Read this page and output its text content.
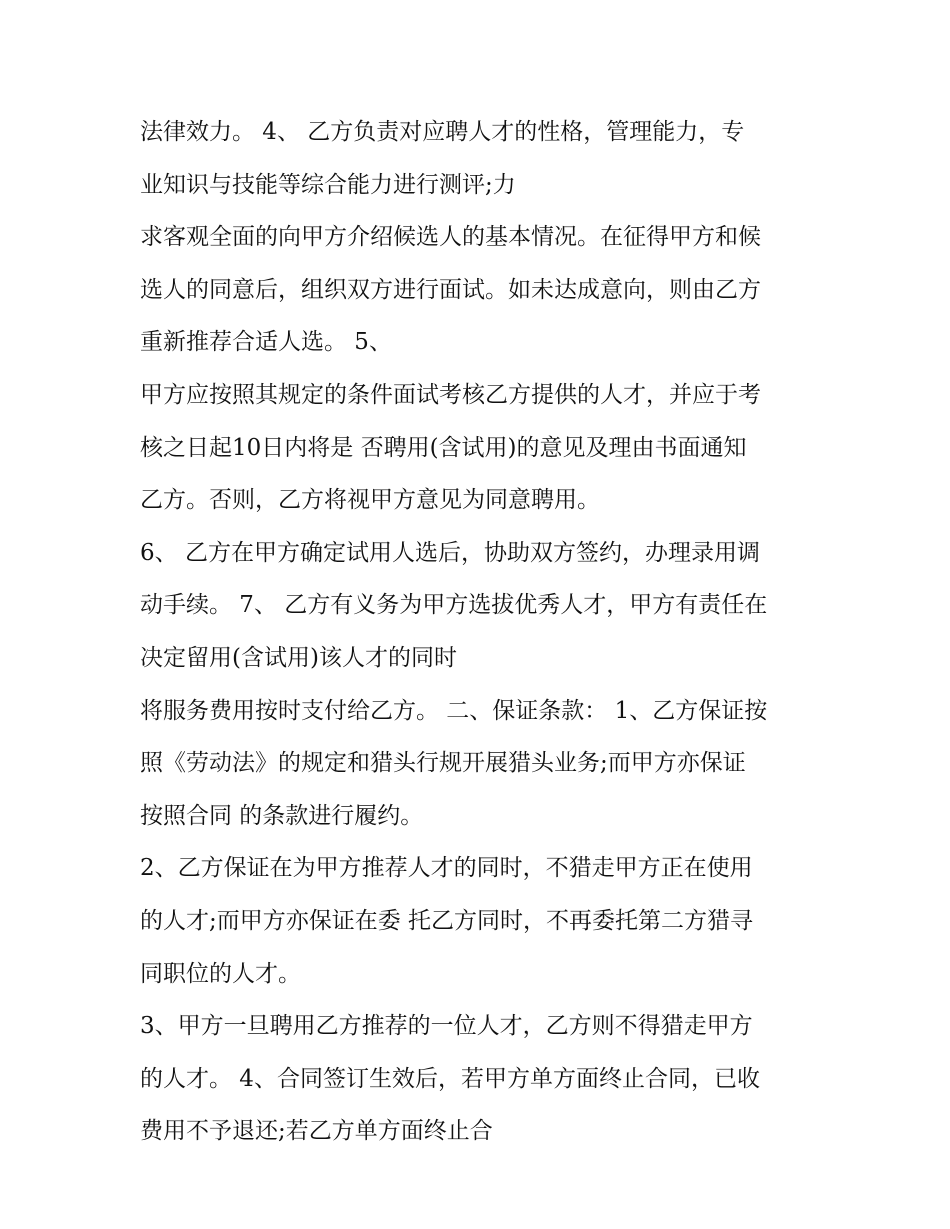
法律效力。 4、 乙方负责对应聘人才的性格，管理能力，专
业知识与技能等综合能力进行测评;力
求客观全面的向甲方介绍候选人的基本情况。在征得甲方和候
选人的同意后，组织双方进行面试。如未达成意向，则由乙方
重新推荐合适人选。 5、
甲方应按照其规定的条件面试考核乙方提供的人才，并应于考
核之日起10日内将是 否聘用(含试用)的意见及理由书面通知
乙方。否则，乙方将视甲方意见为同意聘用。
6、 乙方在甲方确定试用人选后，协助双方签约，办理录用调
动手续。 7、 乙方有义务为甲方选拔优秀人才，甲方有责任在
决定留用(含试用)该人才的同时
将服务费用按时支付给乙方。 二、保证条款： 1、乙方保证按
照《劳动法》的规定和猎头行规开展猎头业务;而甲方亦保证
按照合同 的条款进行履约。
2、乙方保证在为甲方推荐人才的同时，不猎走甲方正在使用
的人才;而甲方亦保证在委 托乙方同时，不再委托第二方猎寻
同职位的人才。
3、甲方一旦聘用乙方推荐的一位人才，乙方则不得猎走甲方
的人才。 4、合同签订生效后，若甲方单方面终止合同，已收
费用不予退还;若乙方单方面终止合
